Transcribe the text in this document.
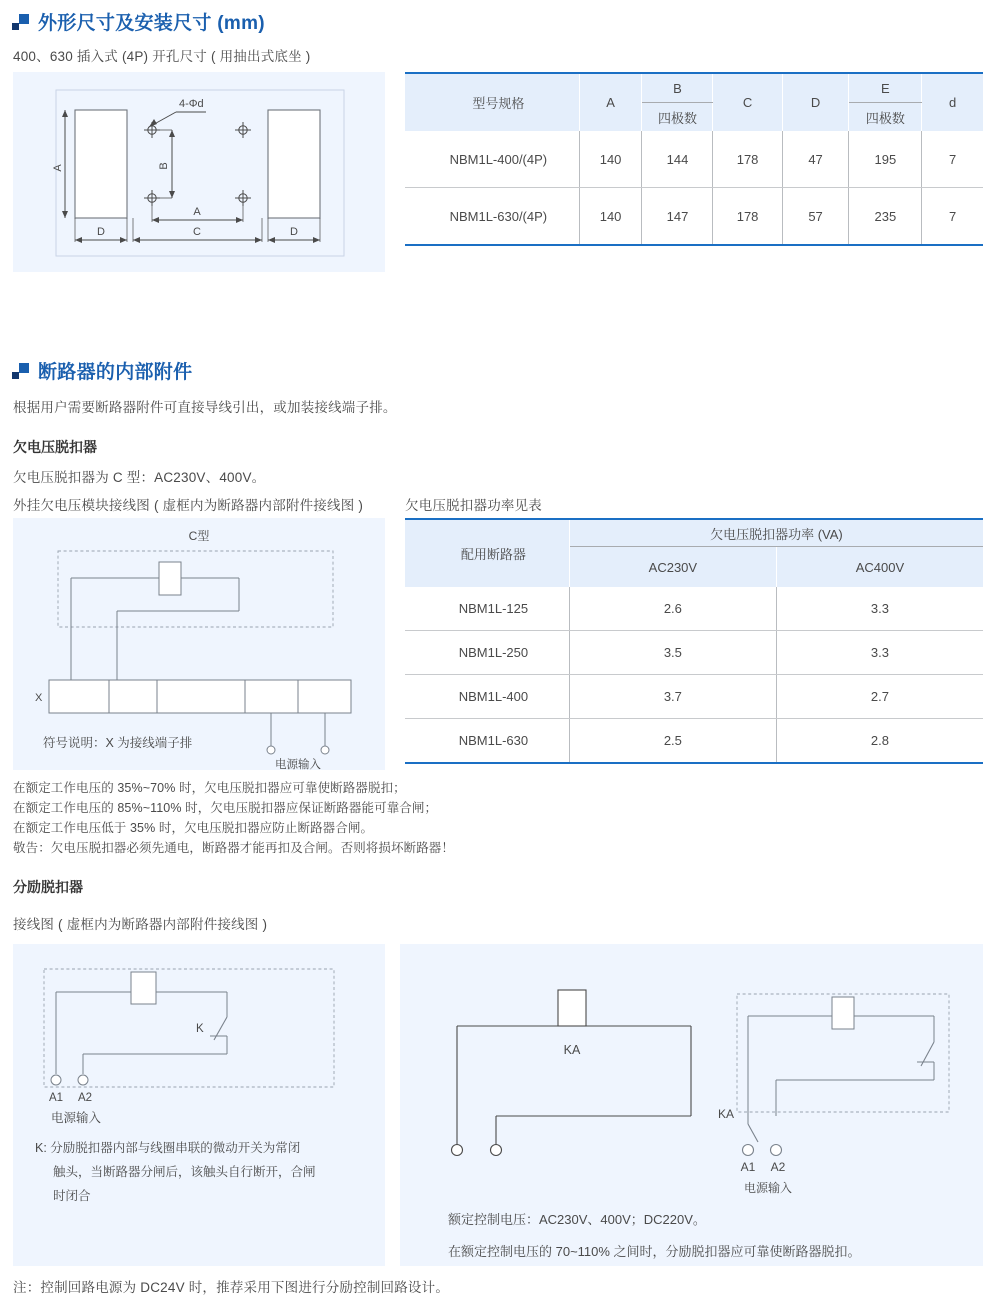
外形尺寸及安装尺寸 (mm)
400、630 插入式 (4P) 开孔尺寸 ( 用抽出式底坐 )
A
4-Φd
B
A
D	C	D
型号规格	A	B	C	D	E	d
		四极数			四极数	
NBM1L-400/(4P)	140	144	178	47	195	7
NBM1L-630/(4P)	140	147	178	57	235	7
断路器的内部附件
根据用户需要断路器附件可直接导线引出，或加装接线端子排。
欠电压脱扣器
欠电压脱扣器为 C 型：AC230V、400V。
外挂欠电压模块接线图 ( 虚框内为断路器内部附件接线图 )	欠电压脱扣器功率见表
C型
X
电源输入
符号说明：X 为接线端子排
配用断路器	欠电压脱扣器功率 (VA)	
	AC230V	AC400V
NBM1L-125	2.6	3.3
NBM1L-250	3.5	3.3
NBM1L-400	3.7	2.7
NBM1L-630	2.5	2.8
在额定工作电压的 35%~70% 时，欠电压脱扣器应可靠使断路器脱扣；
在额定工作电压的 85%~110% 时，欠电压脱扣器应保证断路器能可靠合闸；
在额定工作电压低于 35% 时，欠电压脱扣器应防止断路器合闸。
敬告：欠电压脱扣器必须先通电，断路器才能再扣及合闸。否则将损坏断路器！
分励脱扣器
接线图 ( 虚框内为断路器内部附件接线图 )
K
A1 A2
电源输入
K: 分励脱扣器内部与线圈串联的微动开关为常闭
触头，当断路器分闸后，该触头自行断开，合闸
时闭合
KA
KA
A1 A2
电源输入
额定控制电压：AC230V、400V；DC220V。
在额定控制电压的 70~110% 之间时，分励脱扣器应可靠使断路器脱扣。
注：控制回路电源为 DC24V 时，推荐采用下图进行分励控制回路设计。
